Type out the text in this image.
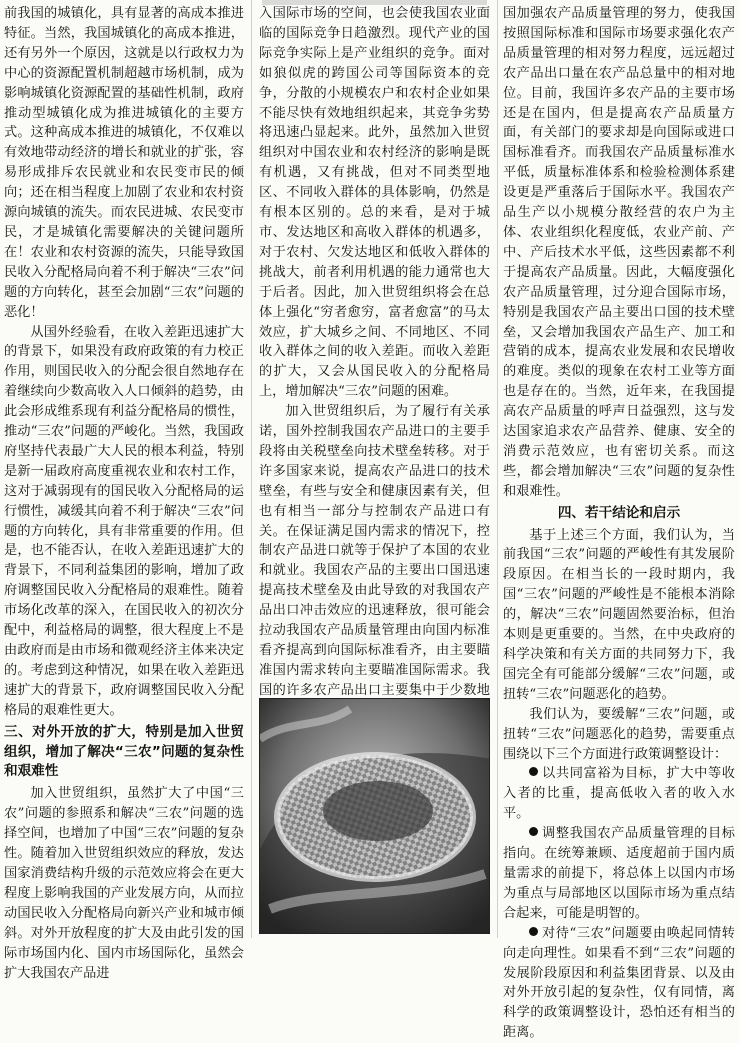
前我国的城镇化，具有显著的高成本推进特征。当然，我国城镇化的高成本推进，还有另外一个原因，这就是以行政权力为中心的资源配置机制超越市场机制，成为影响城镇化资源配置的基础性机制，政府推动型城镇化成为推进城镇化的主要方式。这种高成本推进的城镇化，不仅难以有效地带动经济的增长和就业的扩张，容易形成排斥农民就业和农民变市民的倾向；还在相当程度上加剧了农业和农村资源向城镇的流失。而农民进城、农民变市民，才是城镇化需要解决的关键问题所在！农业和农村资源的流失，只能导致国民收入分配格局向着不利于解决“三农”问题的方向转化，甚至会加剧“三农”问题的恶化！

从国外经验看，在收入差距迅速扩大的背景下，如果没有政府政策的有力校正作用，则国民收入的分配会很自然地存在着继续向少数高收入人口倾斜的趋势，由此会形成维系现有利益分配格局的惯性，推动“三农”问题的严峻化。当然，我国政府坚持代表最广大人民的根本利益，特别是新一届政府高度重视农业和农村工作，这对于减弱现有的国民收入分配格局的运行惯性，减缓其向着不利于解决“三农”问题的方向转化，具有非常重要的作用。但是，也不能否认，在收入差距迅速扩大的背景下，不同利益集团的影响，增加了政府调整国民收入分配格局的艰难性。随着市场化改革的深入，在国民收入的初次分配中，利益格局的调整，很大程度上不是由政府而是由市场和微观经济主体来决定的。考虑到这种情况，如果在收入差距迅速扩大的背景下，政府调整国民收入分配格局的艰难性更大。

三、对外开放的扩大，特别是加入世贸组织，增加了解决“三农”问题的复杂性和艰难性

加入世贸组织，虽然扩大了中国“三农”问题的参照系和解决“三农”问题的选择空间，也增加了中国“三农”问题的复杂性。随着加入世贸组织效应的释放，发达国家消费结构升级的示范效应将会在更大程度上影响我国的产业发展方向，从而拉动国民收入分配格局向新兴产业和城市倾斜。对外开放程度的扩大及由此引发的国际市场国内化、国内市场国际化，虽然会扩大我国农产品进

入国际市场的空间，也会使我国农业面临的国际竞争日趋激烈。现代产业的国际竞争实际上是产业组织的竞争。面对如狼似虎的跨国公司等国际资本的竞争，分散的小规模农户和农村企业如果不能尽快有效地组织起来，其竞争劣势将迅速凸显起来。此外，虽然加入世贸组织对中国农业和农村经济的影响是既有机遇，又有挑战，但对不同类型地区、不同收入群体的具体影响，仍然是有根本区别的。总的来看，是对于城市、发达地区和高收入群体的机遇多，对于农村、欠发达地区和低收入群体的挑战大，前者利用机遇的能力通常也大于后者。因此，加入世贸组织将会在总体上强化“穷者愈穷，富者愈富”的马太效应，扩大城乡之间、不同地区、不同收入群体之间的收入差距。而收入差距的扩大，又会从国民收入的分配格局上，增加解决“三农”问题的困难。

加入世贸组织后，为了履行有关承诺，国外控制我国农产品进口的主要手段将由关税壁垒向技术壁垒转移。对于许多国家来说，提高农产品进口的技术壁垒，有些与安全和健康因素有关，但也有相当一部分与控制农产品进口有关。在保证满足国内需求的情况下，控制农产品进口就等于保护了本国的农业和就业。我国农产品的主要出口国迅速提高技术壁垒及由此导致的对我国农产品出口冲击效应的迅速释放，很可能会拉动我国农产品质量管理由向国内标准看齐提高到向国际标准看齐，由主要瞄准国内需求转向主要瞄准国际需求。我国的许多农产品出口主要集中于少数地

国加强农产品质量管理的努力，使我国按照国际标准和国际市场要求强化农产品质量管理的相对努力程度，远远超过农产品出口量在农产品总量中的相对地位。目前，我国许多农产品的主要市场还是在国内，但是提高农产品质量方面，有关部门的要求却是向国际或进口国标准看齐。而我国农产品质量标准水平低，质量标准体系和检验检测体系建设更是严重落后于国际水平。我国农产品生产以小规模分散经营的农户为主体、农业组织化程度低，农业产前、产中、产后技术水平低，这些因素都不利于提高农产品质量。因此，大幅度强化农产品质量管理，过分迎合国际市场，特别是我国农产品主要出口国的技术壁垒，又会增加我国农产品生产、加工和营销的成本，提高农业发展和农民增收的难度。类似的现象在农村工业等方面也是存在的。当然，近年来，在我国提高农产品质量的呼声日益强烈，这与发达国家追求农产品营养、健康、安全的消费示范效应，也有密切关系。而这些，都会增加解决“三农”问题的复杂性和艰难性。

四、若干结论和启示

基于上述三个方面，我们认为，当前我国“三农”问题的严峻性有其发展阶段原因。在相当长的一段时期内，我国“三农”问题的严峻性是不能根本消除的，解决“三农”问题固然要治标，但治本则是更重要的。当然，在中央政府的科学决策和有关方面的共同努力下，我国完全有可能部分缓解“三农”问题，或扭转“三农”问题恶化的趋势。

我们认为，要缓解“三农”问题，或扭转“三农”问题恶化的趋势，需要重点围绕以下三个方面进行政策调整设计：

以共同富裕为目标，扩大中等收入者的比重，提高低收入者的收入水平。

调整我国农产品质量管理的目标指向。在统筹兼顾、适度超前于国内质量需求的前提下，将总体上以国内市场为重点与局部地区以国际市场为重点结合起来，可能是明智的。

对待“三农”问题要由唤起同情转向走向理性。如果看不到“三农”问题的发展阶段原因和利益集团背景、以及由对外开放引起的复杂性，仅有同情，离科学的政策调整设计，恐怕还有相当的距离。
